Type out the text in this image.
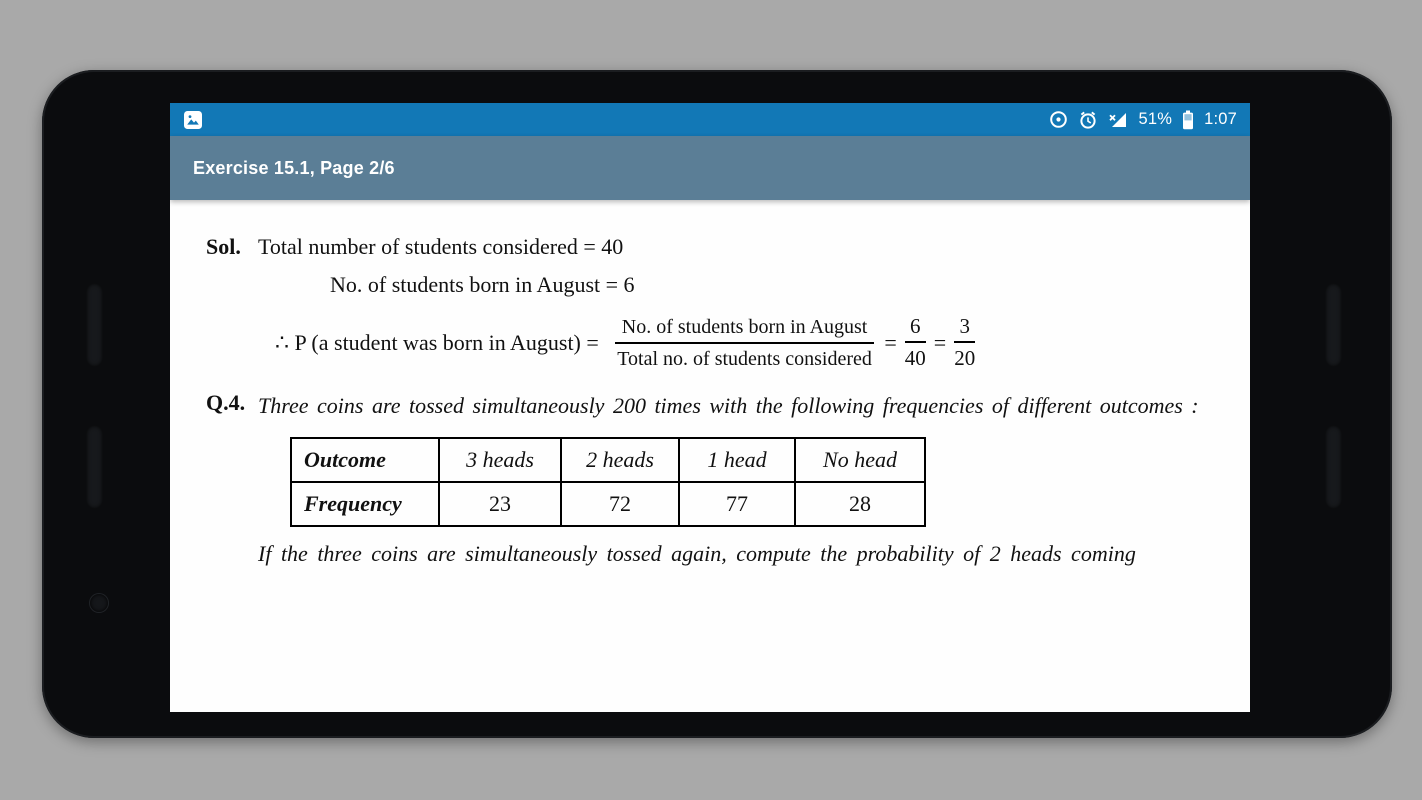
51% 1:07
Exercise 15.1, Page 2/6
Sol. Total number of students considered = 40
No. of students born in August = 6
∴ P (a student was born in August) = $\frac{\text{No. of students born in August}}{\text{Total no. of students considered}} = \frac{6}{40} = \frac{3}{20}$
Q.4. Three coins are tossed simultaneously 200 times with the following frequencies of different outcomes :
Outcome	3 heads	2 heads	1 head	No head
Frequency	23	72	77	28
If the three coins are simultaneously tossed again, compute the probability of 2 heads coming
